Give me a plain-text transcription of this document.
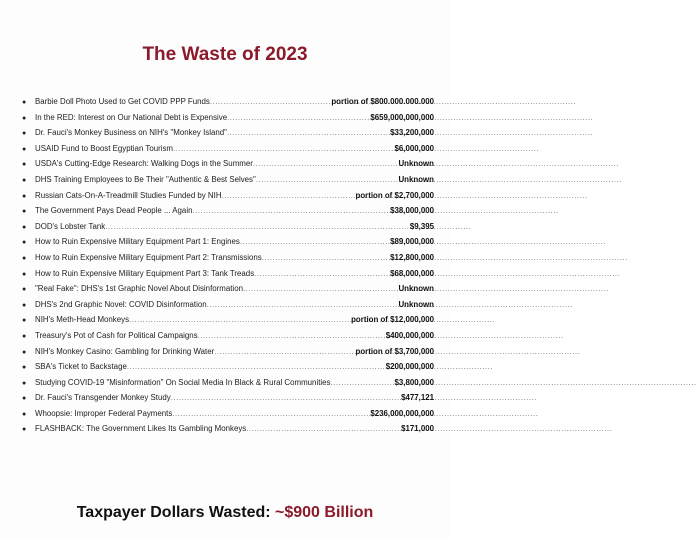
The Waste of 2023
●	Barbie Doll Photo Used to Get COVID PPP Funds .....	portion of $800.000.000.000
●	In the RED: Interest on Our National Debt is Expensive .....	$659,000,000,000
●	Dr. Fauci's Monkey Business on NIH's "Monkey Island" .....	$33,200,000
●	USAID Fund to Boost Egyptian Tourism .....	$6,000,000
●	USDA's Cutting-Edge Research: Walking Dogs in the Summer .....	Unknown
●	DHS Training Employees to Be Their "Authentic & Best Selves" .....	Unknown
●	Russian Cats-On-A-Treadmill Studies Funded by NIH .....	portion of $2,700,000
●	The Government Pays Dead People ... Again .....	$38,000,000
●	DOD's Lobster Tank .....	$9,395
●	How to Ruin Expensive Military Equipment Part 1: Engines .....	$89,000,000
●	How to Ruin Expensive Military Equipment Part 2: Transmissions .....	$12,800,000
●	How to Ruin Expensive Military Equipment Part 3: Tank Treads .....	$68,000,000
●	"Real Fake": DHS's 1st Graphic Novel About Disinformation .....	Unknown
●	DHS's 2nd Graphic Novel: COVID Disinformation .....	Unknown
●	NIH's Meth-Head Monkeys .....	portion of $12,000,000
●	Treasury's Pot of Cash for Political Campaigns .....	$400,000,000
●	NIH's Monkey Casino: Gambling for Drinking Water .....	portion of $3,700,000
●	SBA's Ticket to Backstage .....	$200,000,000
●	Studying COVID-19 "Misinformation" On Social Media In Black & Rural Communities .....	$3,800,000
●	Dr. Fauci's Transgender Monkey Study .....	$477,121
●	Whoopsie: Improper Federal Payments .....	$236,000,000,000
●	FLASHBACK: The Government Likes Its Gambling Monkeys .....	$171,000
Taxpayer Dollars Wasted: ~$900 Billion
